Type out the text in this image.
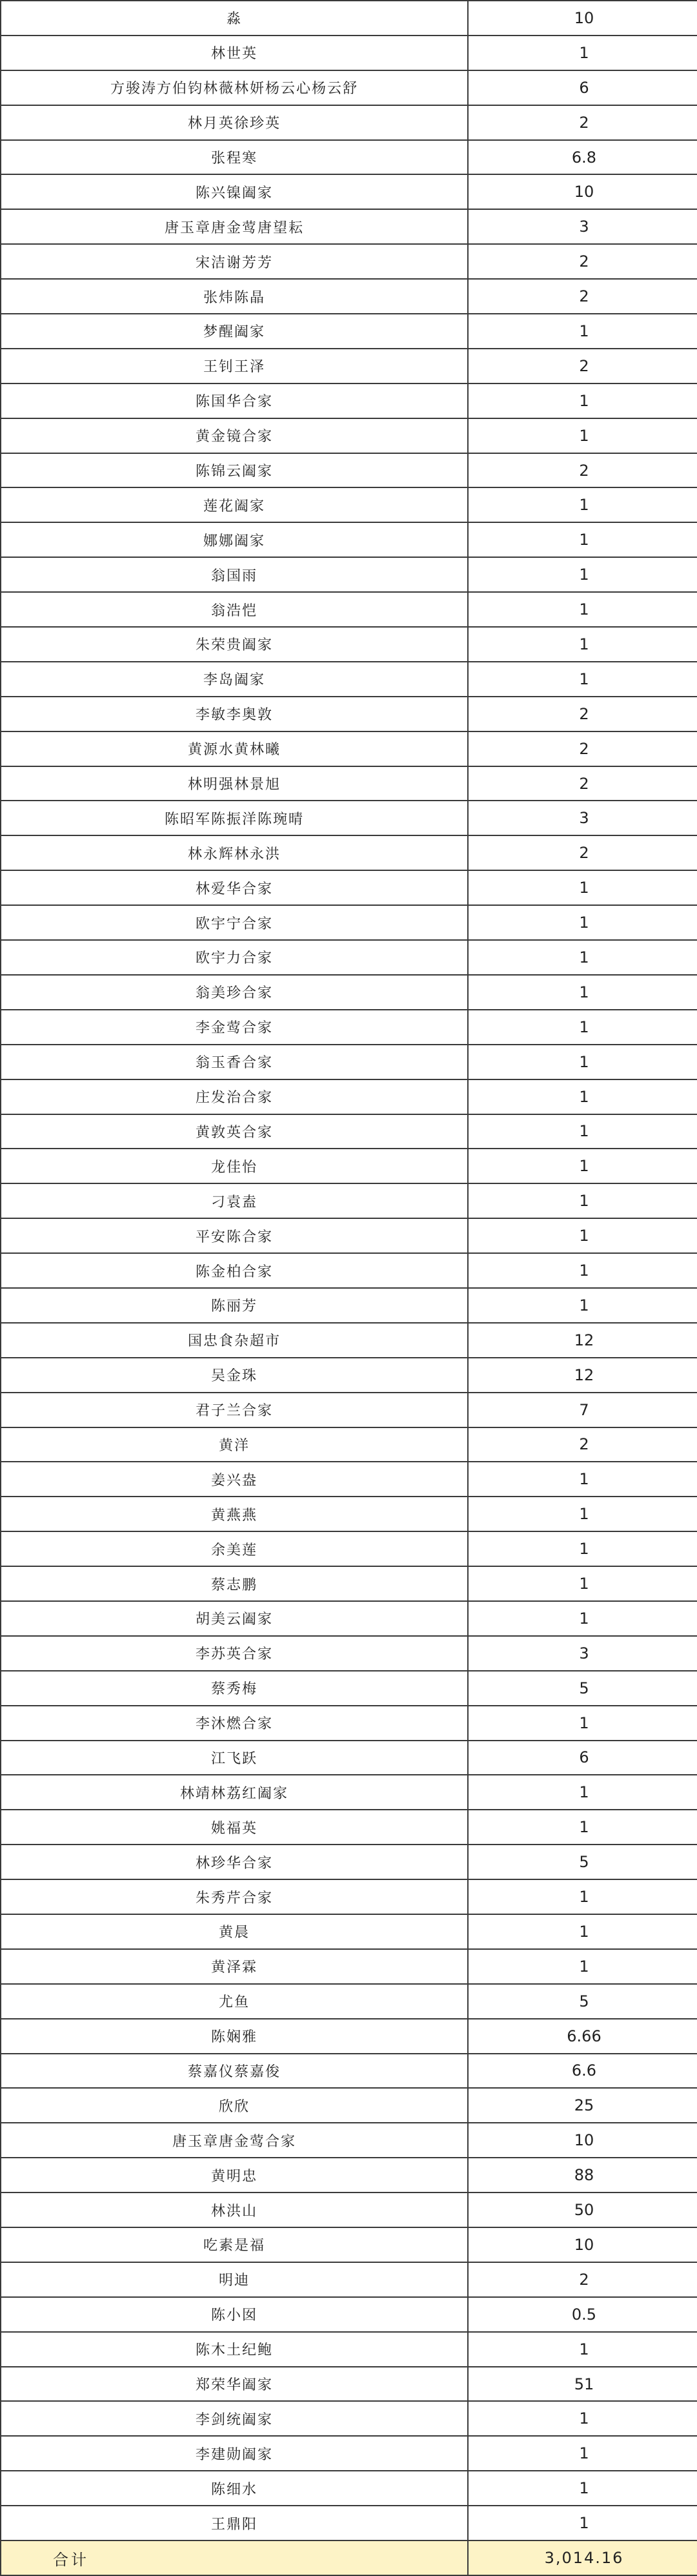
淼	10
林世英	1
方骏涛方伯钧林薇林妍杨云心杨云舒	6
林月英徐珍英	2
张程寒	6.8
陈兴镍阖家	10
唐玉章唐金莺唐望耘	3
宋洁谢芳芳	2
张炜陈晶	2
梦醒阖家	1
王钊王泽	2
陈国华合家	1
黄金镜合家	1
陈锦云阖家	2
莲花阖家	1
娜娜阖家	1
翁国雨	1
翁浩恺	1
朱荣贵阖家	1
李岛阖家	1
李敏李奥敦	2
黄源水黄林曦	2
林明强林景旭	2
陈昭军陈振洋陈琬晴	3
林永辉林永洪	2
林爱华合家	1
欧宇宁合家	1
欧宇力合家	1
翁美珍合家	1
李金莺合家	1
翁玉香合家	1
庄发治合家	1
黄敦英合家	1
龙佳怡	1
刁袁盍	1
平安陈合家	1
陈金柏合家	1
陈丽芳	1
国忠食杂超市	12
吴金珠	12
君子兰合家	7
黄洋	2
姜兴盎	1
黄燕燕	1
余美莲	1
蔡志鹏	1
胡美云阖家	1
李苏英合家	3
蔡秀梅	5
李沐燃合家	1
江飞跃	6
林靖林荔红阖家	1
姚福英	1
林珍华合家	5
朱秀芹合家	1
黄晨	1
黄泽霖	1
尤鱼	5
陈娴雅	6.66
蔡嘉仪蔡嘉俊	6.6
欣欣	25
唐玉章唐金莺合家	10
黄明忠	88
林洪山	50
吃素是福	10
明迪	2
陈小囡	0.5
陈木土纪鲍	1
郑荣华阖家	51
李剑统阖家	1
李建勋阖家	1
陈细水	1
王鼎阳	1
合计	3,014.16
